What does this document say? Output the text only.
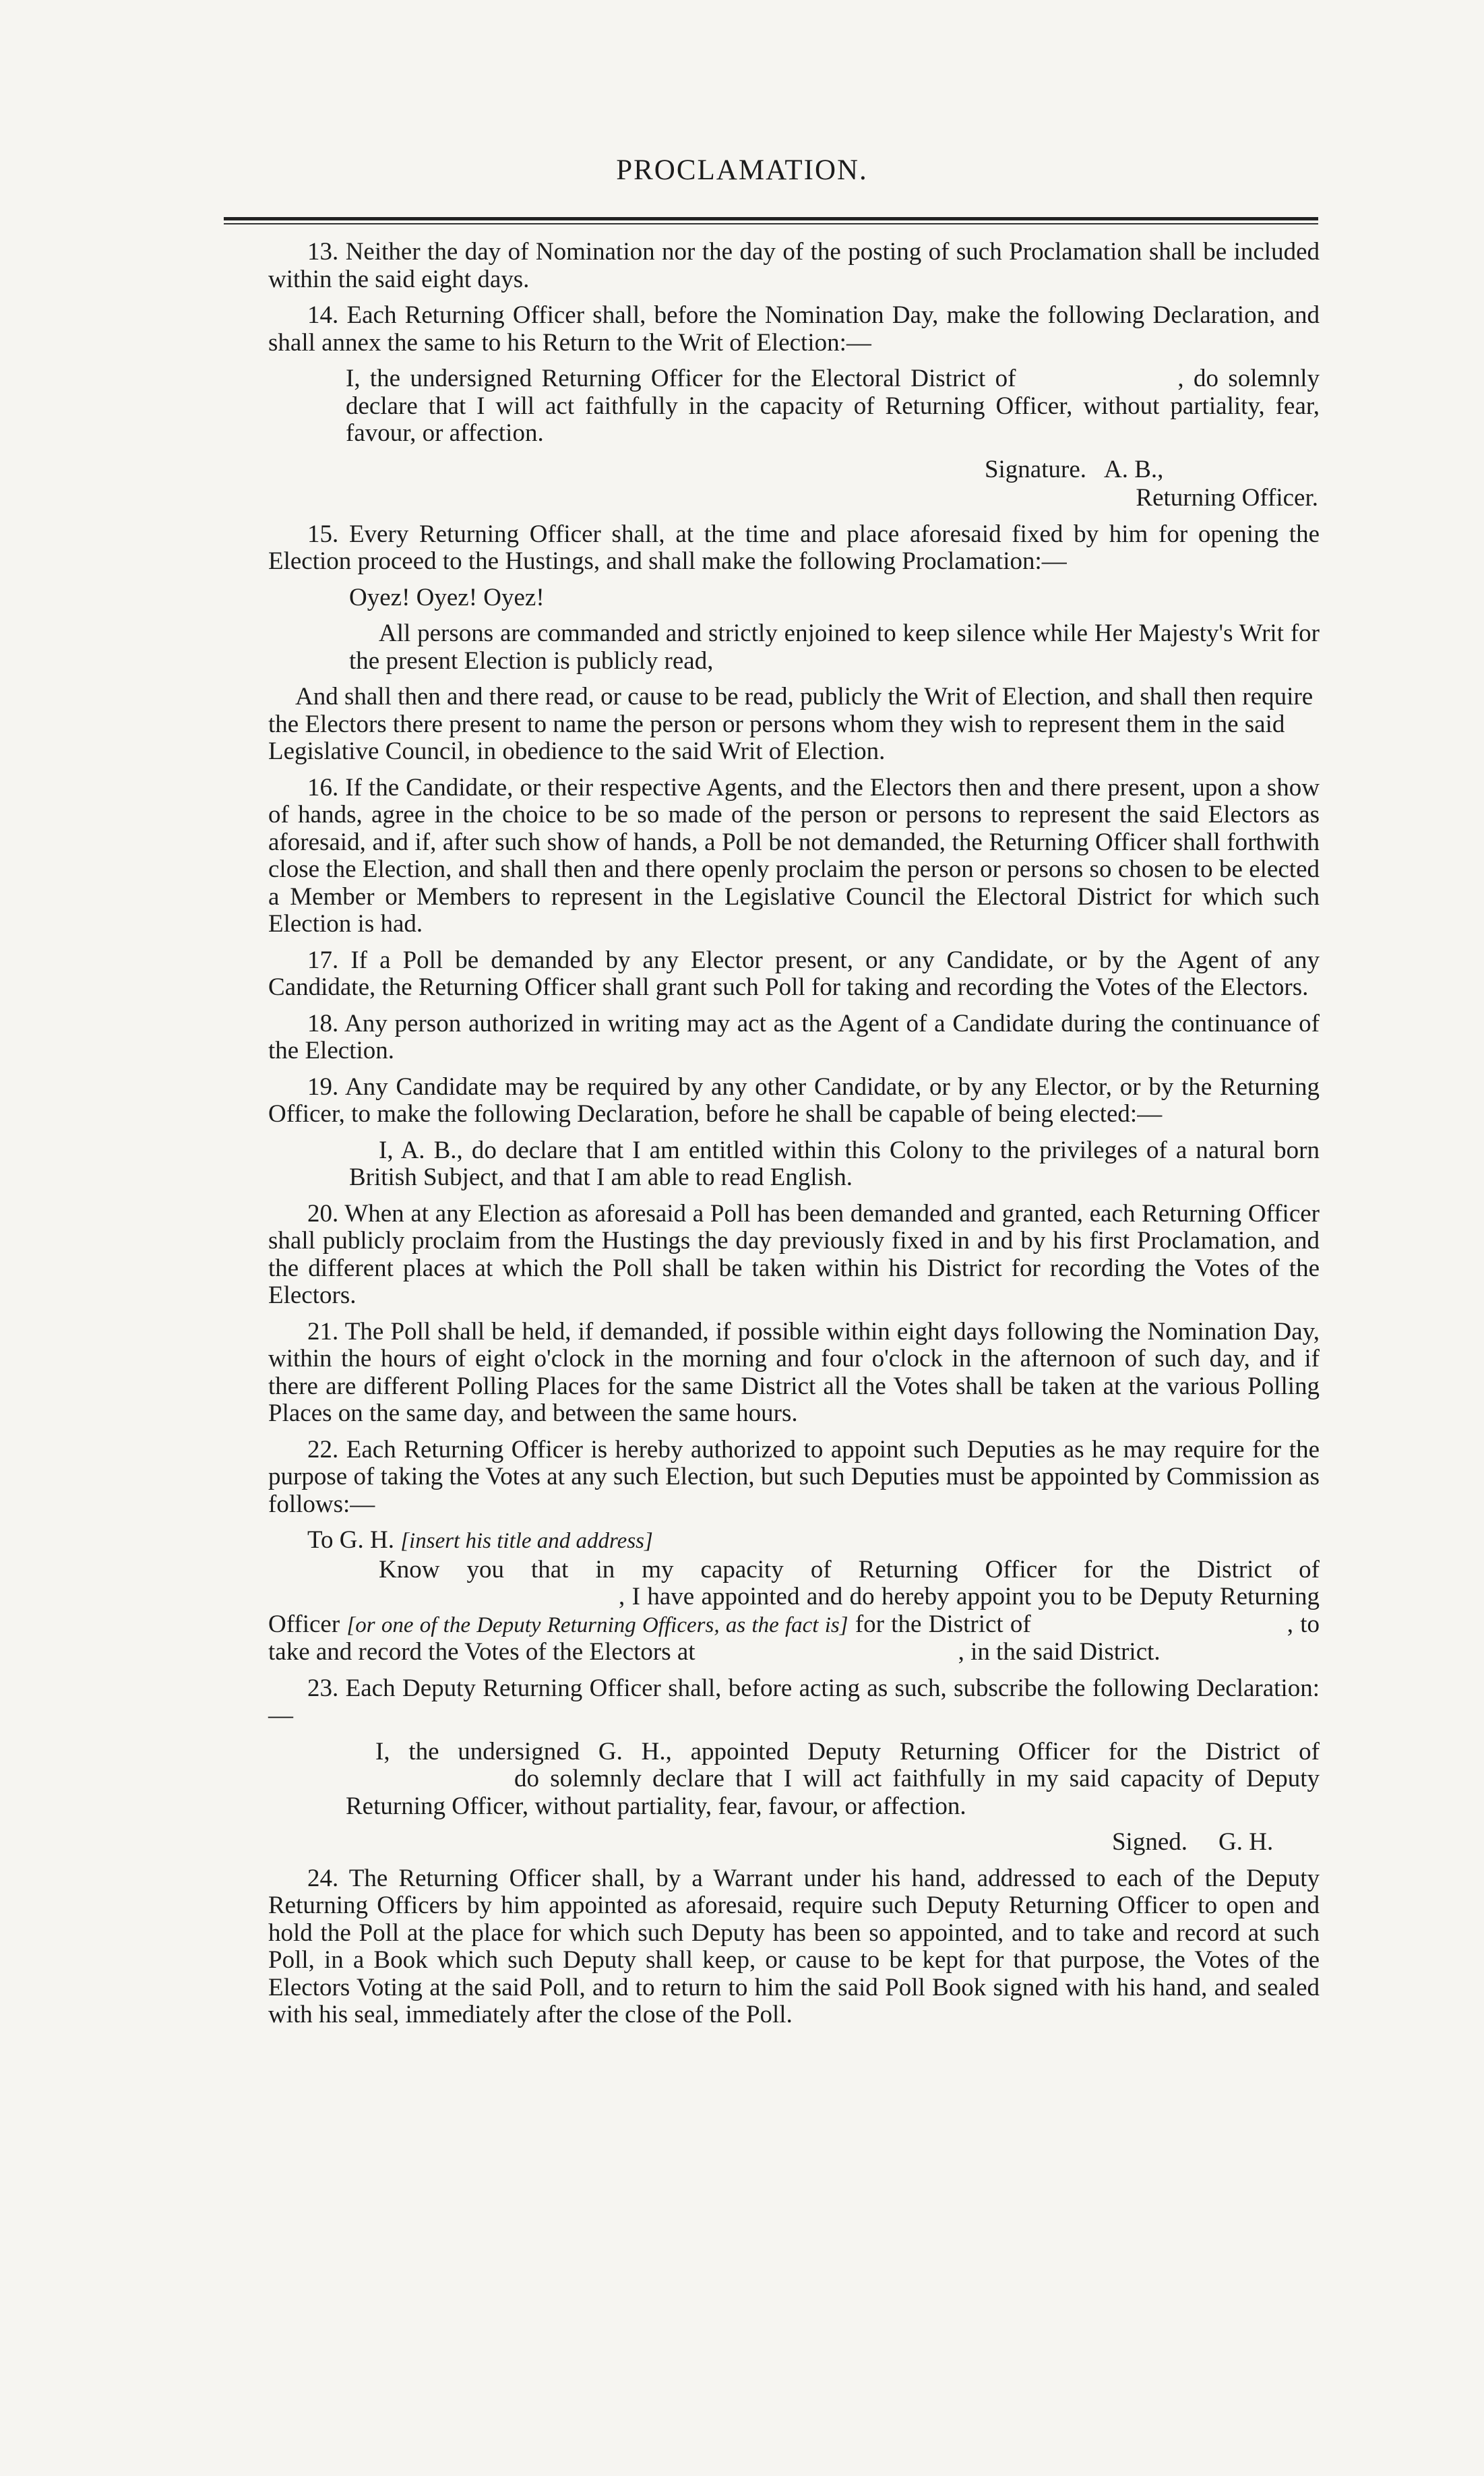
PROCLAMATION.

13. Neither the day of Nomination nor the day of the posting of such Proclamation shall be included within the said eight days.

14. Each Returning Officer shall, before the Nomination Day, make the following Declaration, and shall annex the same to his Return to the Writ of Election:—

I, the undersigned Returning Officer for the Electoral District of	, do solemnly declare that I will act faithfully in the capacity of Returning Officer, without partiality, fear, favour, or affection.

Signature. A. B.,
Returning Officer.

15. Every Returning Officer shall, at the time and place aforesaid fixed by him for opening the Election proceed to the Hustings, and shall make the following Proclamation:—

Oyez! Oyez! Oyez!

All persons are commanded and strictly enjoined to keep silence while Her Majesty's Writ for the present Election is publicly read,

And shall then and there read, or cause to be read, publicly the Writ of Election, and shall then require the Electors there present to name the person or persons whom they wish to represent them in the said Legislative Council, in obedience to the said Writ of Election.

16. If the Candidate, or their respective Agents, and the Electors then and there present, upon a show of hands, agree in the choice to be so made of the person or persons to represent the said Electors as aforesaid, and if, after such show of hands, a Poll be not demanded, the Returning Officer shall forthwith close the Election, and shall then and there openly proclaim the person or persons so chosen to be elected a Member or Members to represent in the Legislative Council the Electoral District for which such Election is had.

17. If a Poll be demanded by any Elector present, or any Candidate, or by the Agent of any Candidate, the Returning Officer shall grant such Poll for taking and recording the Votes of the Electors.

18. Any person authorized in writing may act as the Agent of a Candidate during the continuance of the Election.

19. Any Candidate may be required by any other Candidate, or by any Elector, or by the Returning Officer, to make the following Declaration, before he shall be capable of being elected:—

I, A. B., do declare that I am entitled within this Colony to the privileges of a natural born British Subject, and that I am able to read English.

20. When at any Election as aforesaid a Poll has been demanded and granted, each Returning Officer shall publicly proclaim from the Hustings the day previously fixed in and by his first Proclamation, and the different places at which the Poll shall be taken within his District for recording the Votes of the Electors.

21. The Poll shall be held, if demanded, if possible within eight days following the Nomination Day, within the hours of eight o'clock in the morning and four o'clock in the afternoon of such day, and if there are different Polling Places for the same District all the Votes shall be taken at the various Polling Places on the same day, and between the same hours.

22. Each Returning Officer is hereby authorized to appoint such Deputies as he may require for the purpose of taking the Votes at any such Election, but such Deputies must be appointed by Commission as follows:—

To G. H. [insert his title and address]

Know you that in my capacity of Returning Officer for the District of, I have appointed and do hereby appoint you to be Deputy Returning Officer [or one of the Deputy Returning Officers, as the fact is] for the District of	, to take and record the Votes of the Electors at	, in the said District.

23. Each Deputy Returning Officer shall, before acting as such, subscribe the following Declaration:—

I, the undersigned G. H., appointed Deputy Returning Officer for the District ofdo solemnly declare that I will act faithfully in my said capacity of Deputy Returning Officer, without partiality, fear, favour, or affection.

Signed. G. H.

24. The Returning Officer shall, by a Warrant under his hand, addressed to each of the Deputy Returning Officers by him appointed as aforesaid, require such Deputy Returning Officer to open and hold the Poll at the place for which such Deputy has been so appointed, and to take and record at such Poll, in a Book which such Deputy shall keep, or cause to be kept for that purpose, the Votes of the Electors Voting at the said Poll, and to return to him the said Poll Book signed with his hand, and sealed with his seal, immediately after the close of the Poll.
